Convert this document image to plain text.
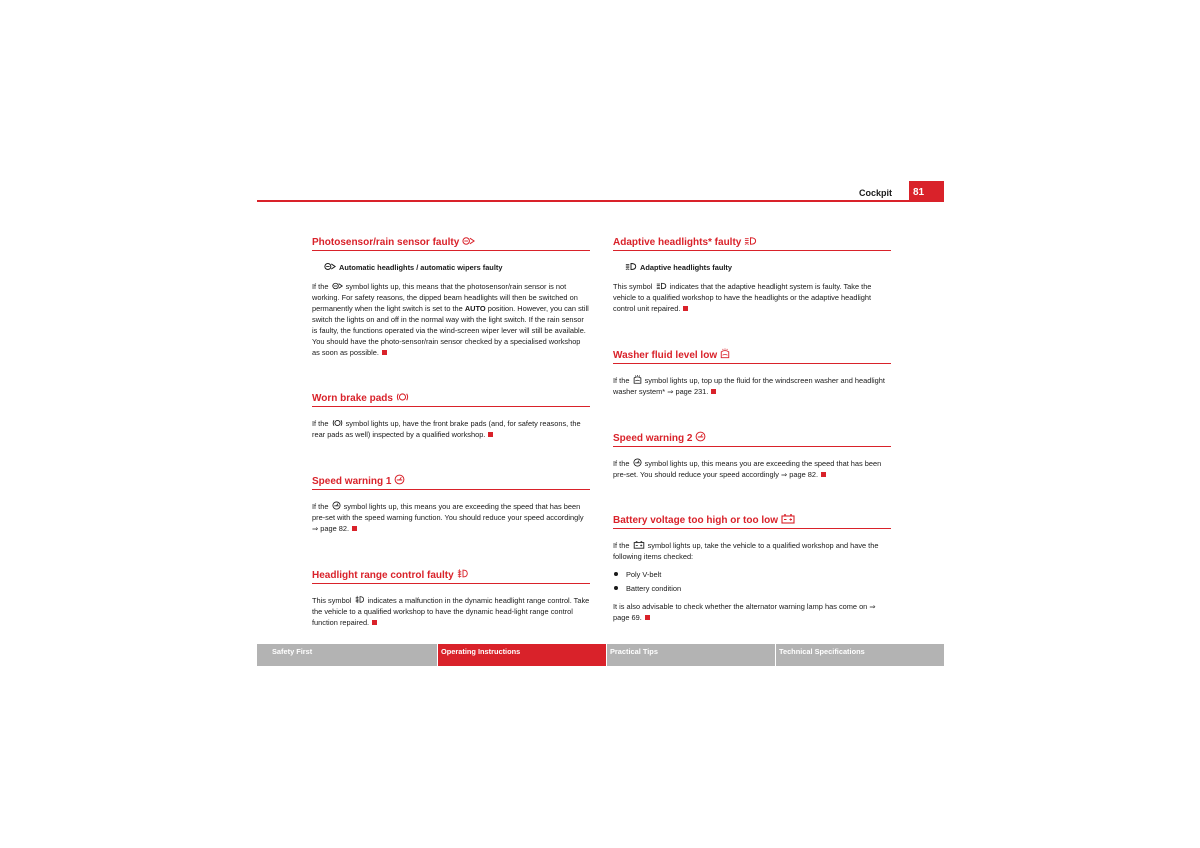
Cockpit	81
Photosensor/rain sensor faulty
Automatic headlights / automatic wipers faulty

If the symbol lights up, this means that the photosensor/rain sensor is not working. For safety reasons, the dipped beam headlights will then be switched on permanently when the light switch is set to the AUTO position. However, you can still switch the lights on and off in the normal way with the light switch. If the rain sensor is faulty, the functions operated via the wind-screen wiper lever will still be available. You should have the photo-sensor/rain sensor checked by a specialised workshop as soon as possible.

Worn brake pads

If the symbol lights up, have the front brake pads (and, for safety reasons, the rear pads as well) inspected by a qualified workshop.

Speed warning 1

If the symbol lights up, this means you are exceeding the speed that has been pre-set with the speed warning function. You should reduce your speed accordingly ⇒ page 82.

Headlight range control faulty

This symbol indicates a malfunction in the dynamic headlight range control. Take the vehicle to a qualified workshop to have the dynamic head-light range control function repaired.

Adaptive headlights* faulty
Adaptive headlights faulty

This symbol indicates that the adaptive headlight system is faulty. Take the vehicle to a qualified workshop to have the headlights or the adaptive headlight control unit repaired.

Washer fluid level low

If the symbol lights up, top up the fluid for the windscreen washer and headlight washer system* ⇒ page 231.

Speed warning 2

If the symbol lights up, this means you are exceeding the speed that has been pre-set. You should reduce your speed accordingly ⇒ page 82.

Battery voltage too high or too low

If the symbol lights up, take the vehicle to a qualified workshop and have the following items checked:

Poly V-belt
Battery condition

It is also advisable to check whether the alternator warning lamp has come on ⇒ page 69.

Safety First	Operating Instructions	Practical Tips	Technical Specifications
